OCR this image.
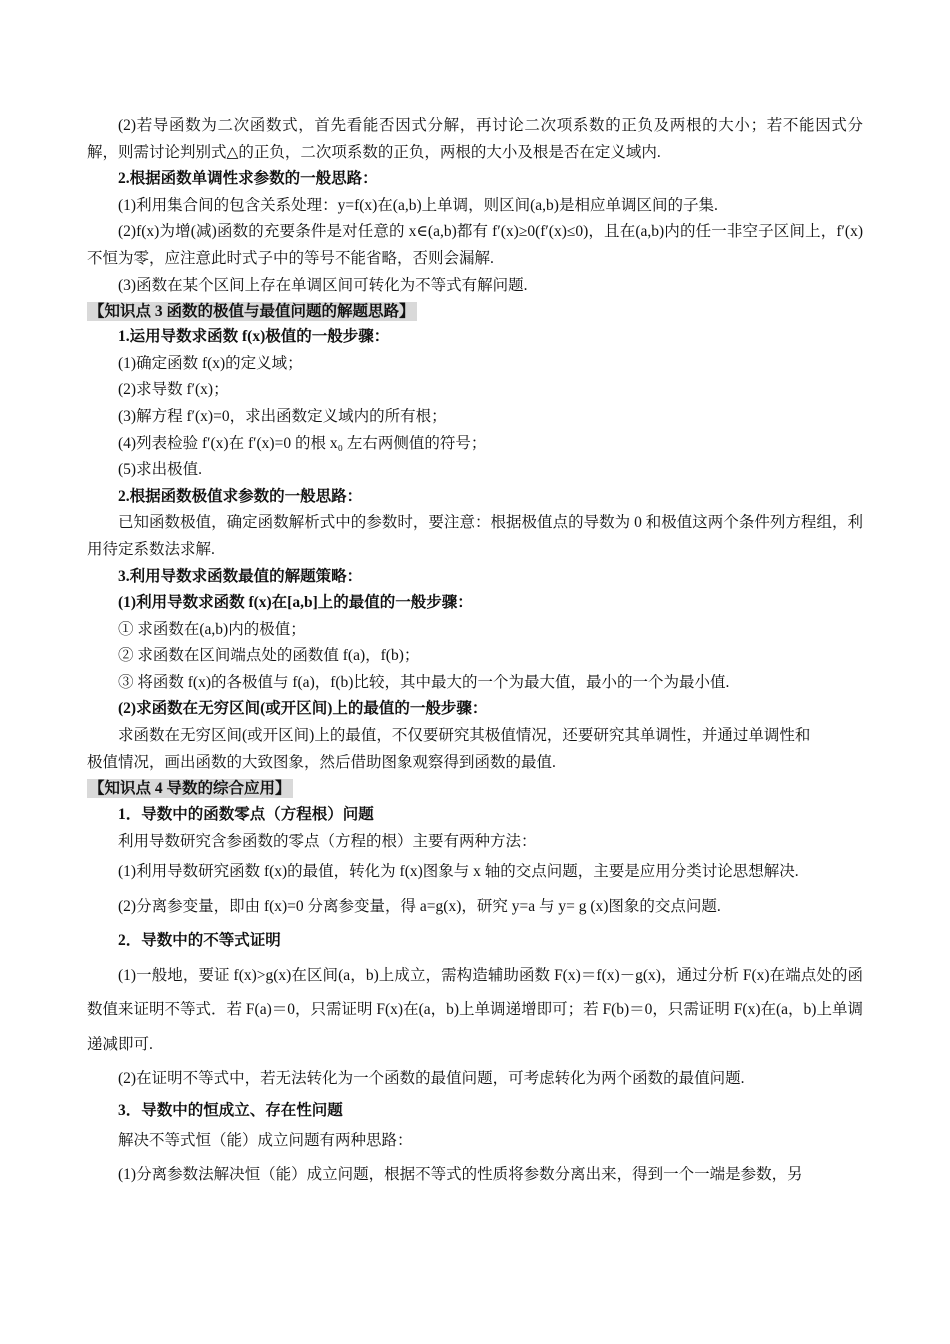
(2)若导函数为二次函数式，首先看能否因式分解，再讨论二次项系数的正负及两根的大小；若不能因式分解，则需讨论判别式△的正负，二次项系数的正负，两根的大小及根是否在定义域内.

2.根据函数单调性求参数的一般思路：

(1)利用集合间的包含关系处理：y=f(x)在(a,b)上单调，则区间(a,b)是相应单调区间的子集.

(2)f(x)为增(减)函数的充要条件是对任意的 x∈(a,b)都有 f′(x)≥0(f′(x)≤0)，且在(a,b)内的任一非空子区间上，f′(x)不恒为零，应注意此时式子中的等号不能省略，否则会漏解.

(3)函数在某个区间上存在单调区间可转化为不等式有解问题.

【知识点 3 函数的极值与最值问题的解题思路】

1.运用导数求函数 f(x)极值的一般步骤：

(1)确定函数 f(x)的定义域；

(2)求导数 f′(x)；

(3)解方程 f′(x)=0，求出函数定义域内的所有根；

(4)列表检验 f′(x)在 f′(x)=0 的根 x₀ 左右两侧值的符号；

(5)求出极值.

2.根据函数极值求参数的一般思路：

已知函数极值，确定函数解析式中的参数时，要注意：根据极值点的导数为 0 和极值这两个条件列方程组，利用待定系数法求解.

3.利用导数求函数最值的解题策略：

(1)利用导数求函数 f(x)在[a,b]上的最值的一般步骤：

① 求函数在(a,b)内的极值；

② 求函数在区间端点处的函数值 f(a)，f(b)；

③ 将函数 f(x)的各极值与 f(a)，f(b)比较，其中最大的一个为最大值，最小的一个为最小值.

(2)求函数在无穷区间(或开区间)上的最值的一般步骤：

求函数在无穷区间(或开区间)上的最值，不仅要研究其极值情况，还要研究其单调性，并通过单调性和

极值情况，画出函数的大致图象，然后借助图象观察得到函数的最值.

【知识点 4 导数的综合应用】

1．导数中的函数零点（方程根）问题

利用导数研究含参函数的零点（方程的根）主要有两种方法：

(1)利用导数研究函数 f(x)的最值，转化为 f(x)图象与 x 轴的交点问题，主要是应用分类讨论思想解决.

(2)分离参变量，即由 f(x)=0 分离参变量，得 a=g(x)，研究 y=a 与 y= g (x)图象的交点问题.

2．导数中的不等式证明

(1)一般地，要证 f(x)>g(x)在区间(a，b)上成立，需构造辅助函数 F(x)＝f(x)－g(x)，通过分析 F(x)在端点处的函数值来证明不等式．若 F(a)＝0，只需证明 F(x)在(a，b)上单调递增即可；若 F(b)＝0，只需证明 F(x)在(a，b)上单调递减即可.

(2)在证明不等式中，若无法转化为一个函数的最值问题，可考虑转化为两个函数的最值问题.

3．导数中的恒成立、存在性问题

解决不等式恒（能）成立问题有两种思路：

(1)分离参数法解决恒（能）成立问题，根据不等式的性质将参数分离出来，得到一个一端是参数，另
